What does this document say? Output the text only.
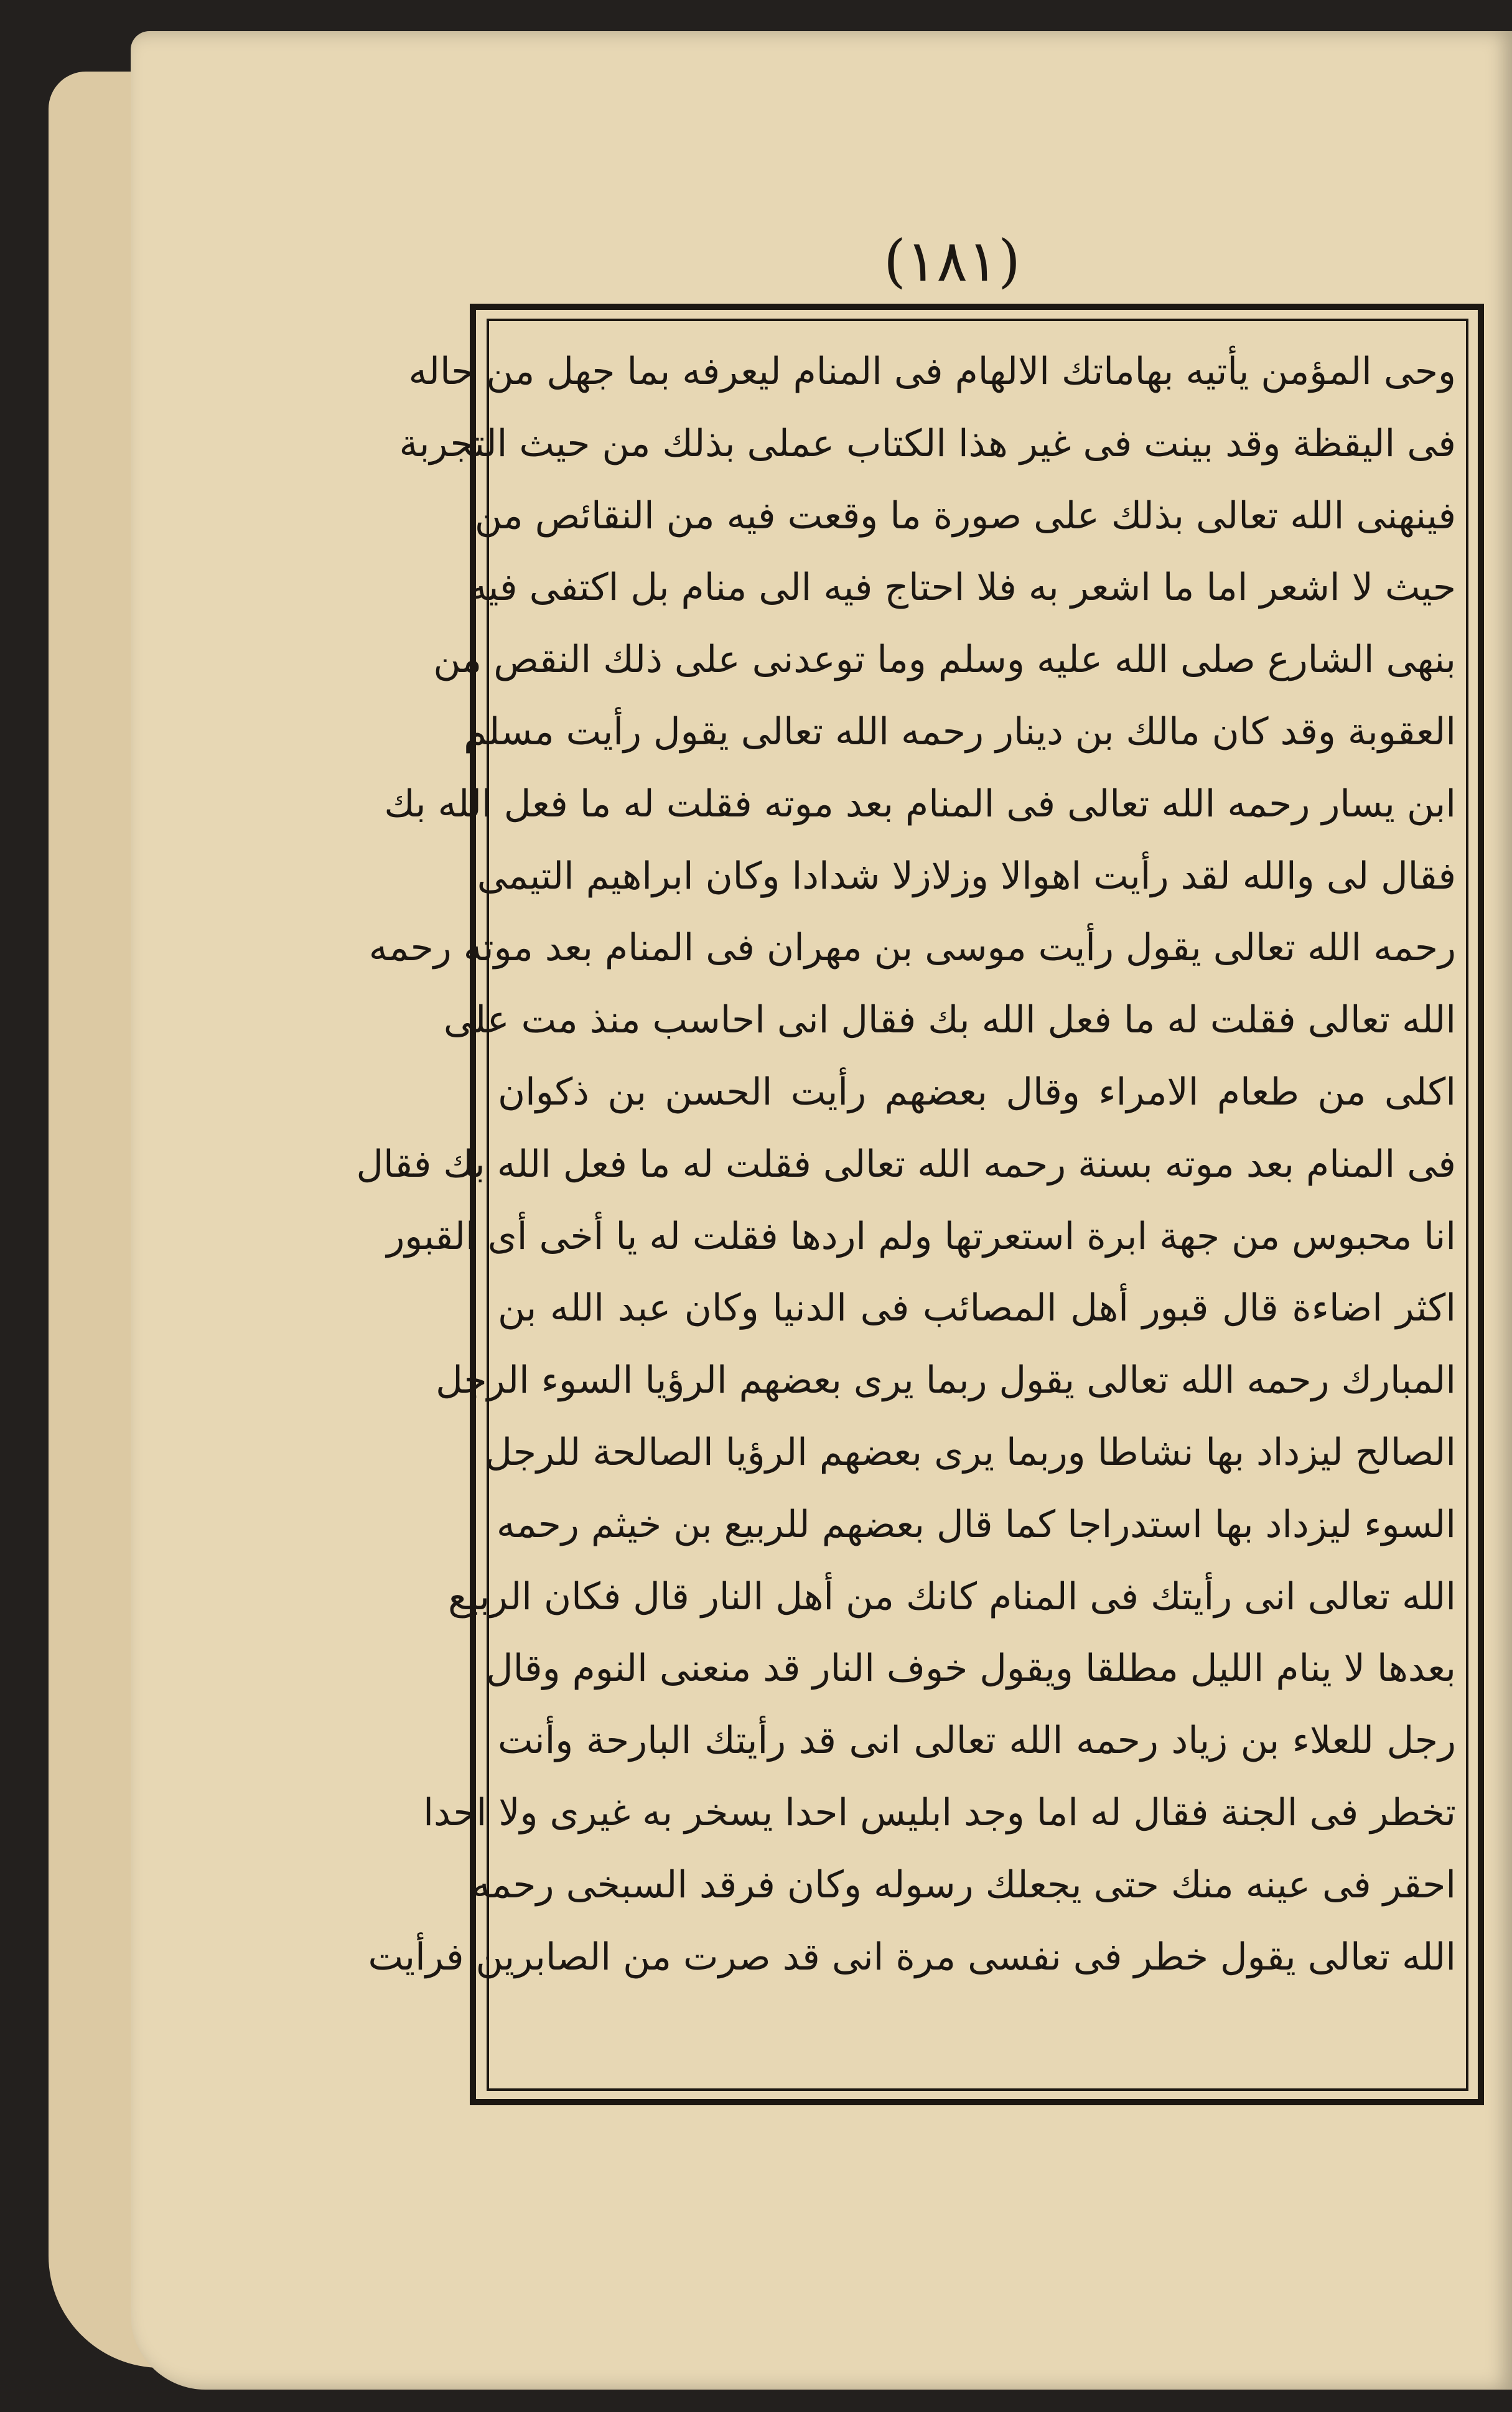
(١٨١)
وحى المؤمن يأتيه بهاماتك الالهام فى المنام ليعرفه بما جهل من حاله
فى اليقظة وقد بينت فى غير هذا الكتاب عملى بذلك من حيث التجربة
فينهنى الله تعالى بذلك على صورة ما وقعت فيه من النقائص من
حيث لا اشعر اما ما اشعر به فلا احتاج فيه الى منام بل اكتفى فيه
بنهى الشارع صلى الله عليه وسلم وما توعدنى على ذلك النقص من
العقوبة وقد كان مالك بن دينار رحمه الله تعالى يقول رأيت مسلم
ابن يسار رحمه الله تعالى فى المنام بعد موته فقلت له ما فعل الله بك
فقال لى والله لقد رأيت اهوالا وزلازلا شدادا وكان ابراهيم التيمى
رحمه الله تعالى يقول رأيت موسى بن مهران فى المنام بعد موته رحمه
الله تعالى فقلت له ما فعل الله بك فقال انى احاسب منذ مت على
اكلى من طعام الامراء وقال بعضهم رأيت الحسن بن ذكوان
فى المنام بعد موته بسنة رحمه الله تعالى فقلت له ما فعل الله بك فقال
انا محبوس من جهة ابرة استعرتها ولم اردها فقلت له يا أخى أى القبور
اكثر اضاءة قال قبور أهل المصائب فى الدنيا وكان عبد الله بن
المبارك رحمه الله تعالى يقول ربما يرى بعضهم الرؤيا السوء الرجل
الصالح ليزداد بها نشاطا وربما يرى بعضهم الرؤيا الصالحة للرجل
السوء ليزداد بها استدراجا كما قال بعضهم للربيع بن خيثم رحمه
الله تعالى انى رأيتك فى المنام كانك من أهل النار قال فكان الربيع
بعدها لا ينام الليل مطلقا ويقول خوف النار قد منعنى النوم وقال
رجل للعلاء بن زياد رحمه الله تعالى انى قد رأيتك البارحة وأنت
تخطر فى الجنة فقال له اما وجد ابليس احدا يسخر به غيرى ولا احدا
احقر فى عينه منك حتى يجعلك رسوله وكان فرقد السبخى رحمه
الله تعالى يقول خطر فى نفسى مرة انى قد صرت من الصابرين فرأيت
